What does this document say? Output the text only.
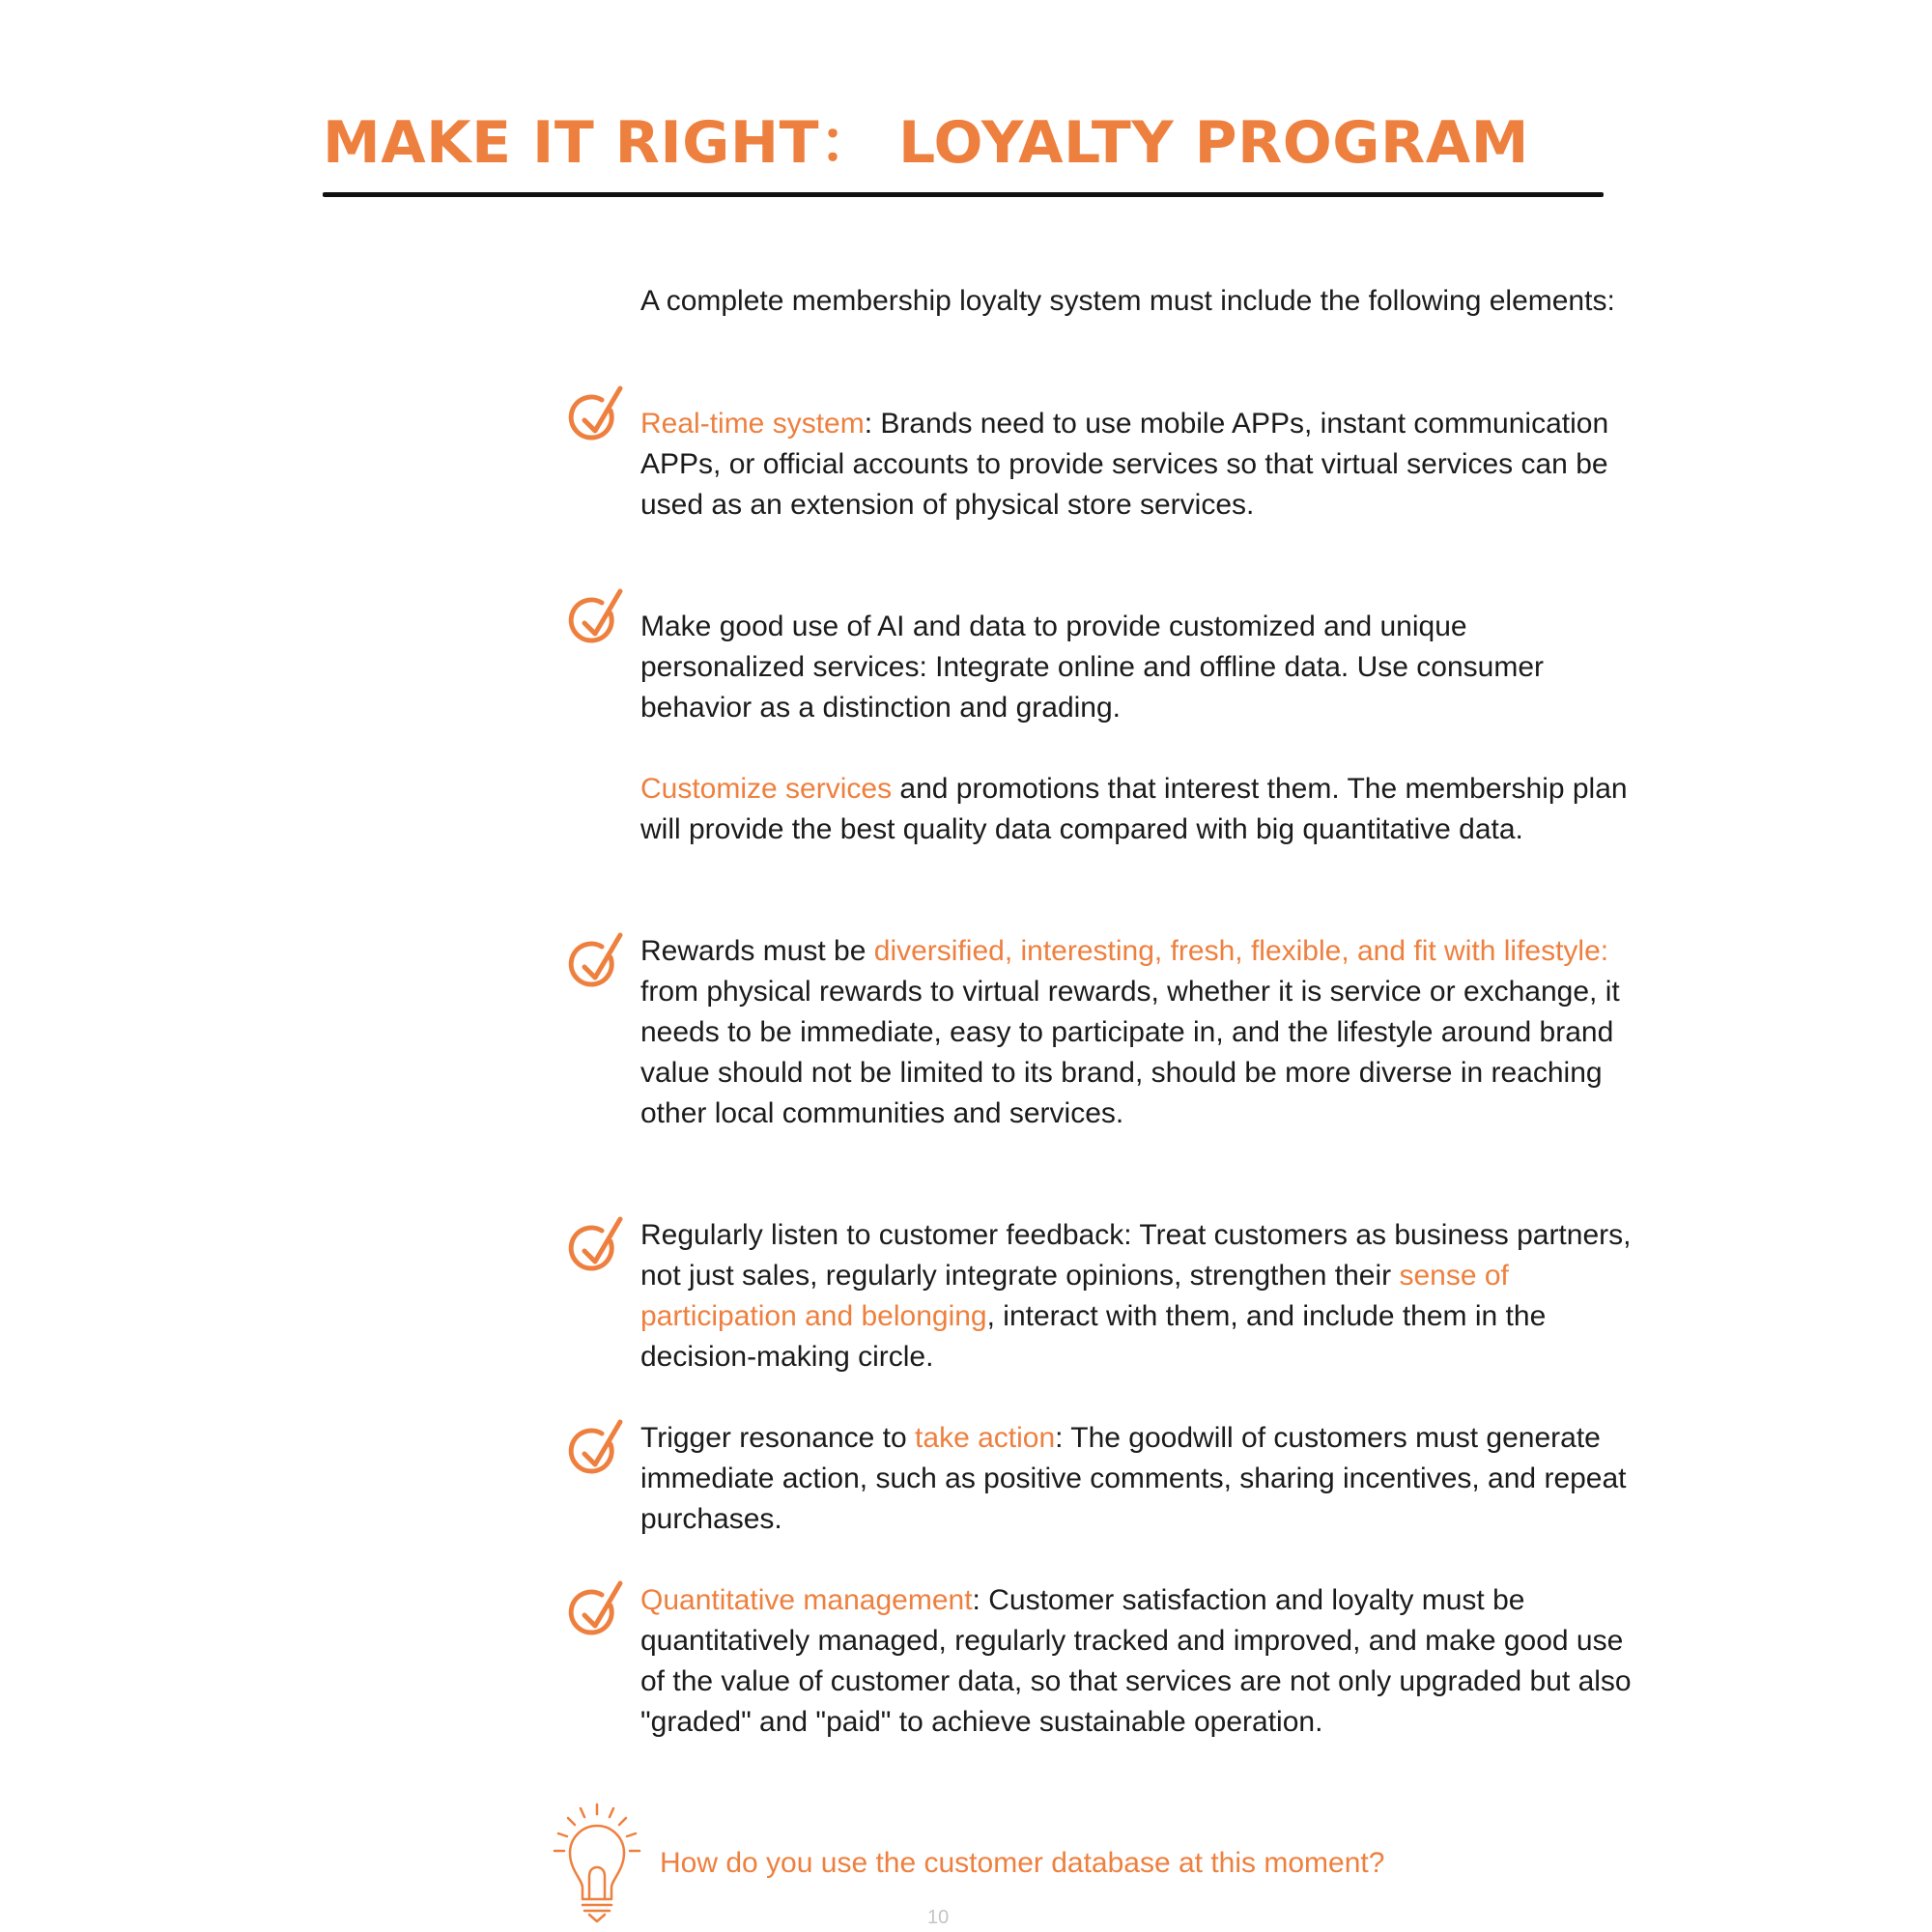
MAKE IT RIGHT： LOYALTY PROGRAM

A complete membership loyalty system must include the following elements:

Real-time system: Brands need to use mobile APPs, instant communication APPs, or official accounts to provide services so that virtual services can be used as an extension of physical store services.

Make good use of AI and data to provide customized and unique personalized services: Integrate online and offline data. Use consumer behavior as a distinction and grading.

Customize services and promotions that interest them. The membership plan will provide the best quality data compared with big quantitative data.

Rewards must be diversified, interesting, fresh, flexible, and fit with lifestyle: from physical rewards to virtual rewards, whether it is service or exchange, it needs to be immediate, easy to participate in, and the lifestyle around brand value should not be limited to its brand, should be more diverse in reaching other local communities and services.

Regularly listen to customer feedback: Treat customers as business partners, not just sales, regularly integrate opinions, strengthen their sense of participation and belonging, interact with them, and include them in the decision-making circle.

Trigger resonance to take action: The goodwill of customers must generate immediate action, such as positive comments, sharing incentives, and repeat purchases.

Quantitative management: Customer satisfaction and loyalty must be quantitatively managed, regularly tracked and improved, and make good use of the value of customer data, so that services are not only upgraded but also "graded" and "paid" to achieve sustainable operation.

How do you use the customer database at this moment?
10
